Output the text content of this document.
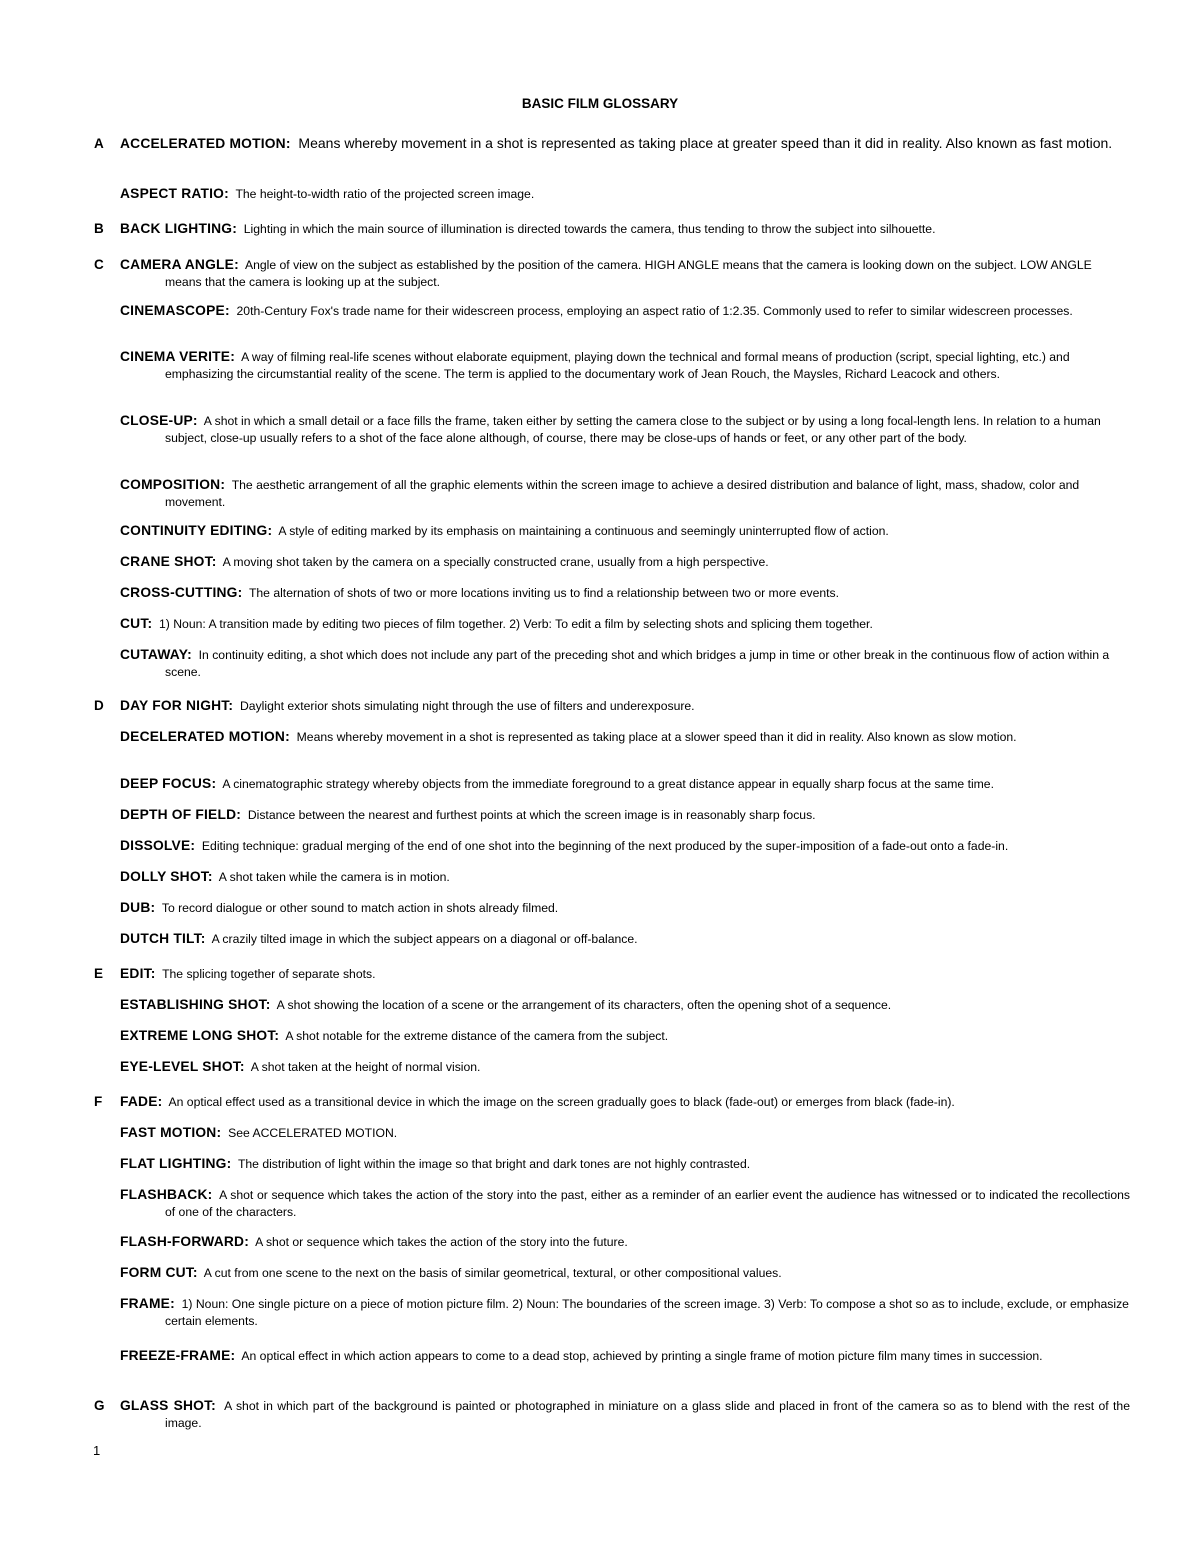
BASIC FILM GLOSSARY
A ACCELERATED MOTION: Means whereby movement in a shot is represented as taking place at greater speed than it did in reality. Also known as fast motion.
ASPECT RATIO: The height-to-width ratio of the projected screen image.
B BACK LIGHTING: Lighting in which the main source of illumination is directed towards the camera, thus tending to throw the subject into silhouette.
C CAMERA ANGLE: Angle of view on the subject as established by the position of the camera. HIGH ANGLE means that the camera is looking down on the subject. LOW ANGLE means that the camera is looking up at the subject.
CINEMASCOPE: 20th-Century Fox's trade name for their widescreen process, employing an aspect ratio of 1:2.35. Commonly used to refer to similar widescreen processes.
CINEMA VERITE: A way of filming real-life scenes without elaborate equipment, playing down the technical and formal means of production (script, special lighting, etc.) and emphasizing the circumstantial reality of the scene. The term is applied to the documentary work of Jean Rouch, the Maysles, Richard Leacock and others.
CLOSE-UP: A shot in which a small detail or a face fills the frame, taken either by setting the camera close to the subject or by using a long focal-length lens. In relation to a human subject, close-up usually refers to a shot of the face alone although, of course, there may be close-ups of hands or feet, or any other part of the body.
COMPOSITION: The aesthetic arrangement of all the graphic elements within the screen image to achieve a desired distribution and balance of light, mass, shadow, color and movement.
CONTINUITY EDITING: A style of editing marked by its emphasis on maintaining a continuous and seemingly uninterrupted flow of action.
CRANE SHOT: A moving shot taken by the camera on a specially constructed crane, usually from a high perspective.
CROSS-CUTTING: The alternation of shots of two or more locations inviting us to find a relationship between two or more events.
CUT: 1) Noun: A transition made by editing two pieces of film together. 2) Verb: To edit a film by selecting shots and splicing them together.
CUTAWAY: In continuity editing, a shot which does not include any part of the preceding shot and which bridges a jump in time or other break in the continuous flow of action within a scene.
D DAY FOR NIGHT: Daylight exterior shots simulating night through the use of filters and underexposure.
DECELERATED MOTION: Means whereby movement in a shot is represented as taking place at a slower speed than it did in reality. Also known as slow motion.
DEEP FOCUS: A cinematographic strategy whereby objects from the immediate foreground to a great distance appear in equally sharp focus at the same time.
DEPTH OF FIELD: Distance between the nearest and furthest points at which the screen image is in reasonably sharp focus.
DISSOLVE: Editing technique: gradual merging of the end of one shot into the beginning of the next produced by the super-imposition of a fade-out onto a fade-in.
DOLLY SHOT: A shot taken while the camera is in motion.
DUB: To record dialogue or other sound to match action in shots already filmed.
DUTCH TILT: A crazily tilted image in which the subject appears on a diagonal or off-balance.
E EDIT: The splicing together of separate shots.
ESTABLISHING SHOT: A shot showing the location of a scene or the arrangement of its characters, often the opening shot of a sequence.
EXTREME LONG SHOT: A shot notable for the extreme distance of the camera from the subject.
EYE-LEVEL SHOT: A shot taken at the height of normal vision.
F FADE: An optical effect used as a transitional device in which the image on the screen gradually goes to black (fade-out) or emerges from black (fade-in).
FAST MOTION: See ACCELERATED MOTION.
FLAT LIGHTING: The distribution of light within the image so that bright and dark tones are not highly contrasted.
FLASHBACK: A shot or sequence which takes the action of the story into the past, either as a reminder of an earlier event the audience has witnessed or to indicated the recollections of one of the characters.
FLASH-FORWARD: A shot or sequence which takes the action of the story into the future.
FORM CUT: A cut from one scene to the next on the basis of similar geometrical, textural, or other compositional values.
FRAME: 1) Noun: One single picture on a piece of motion picture film. 2) Noun: The boundaries of the screen image. 3) Verb: To compose a shot so as to include, exclude, or emphasize certain elements.
FREEZE-FRAME: An optical effect in which action appears to come to a dead stop, achieved by printing a single frame of motion picture film many times in succession.
G GLASS SHOT: A shot in which part of the background is painted or photographed in miniature on a glass slide and placed in front of the camera so as to blend with the rest of the image.
1
